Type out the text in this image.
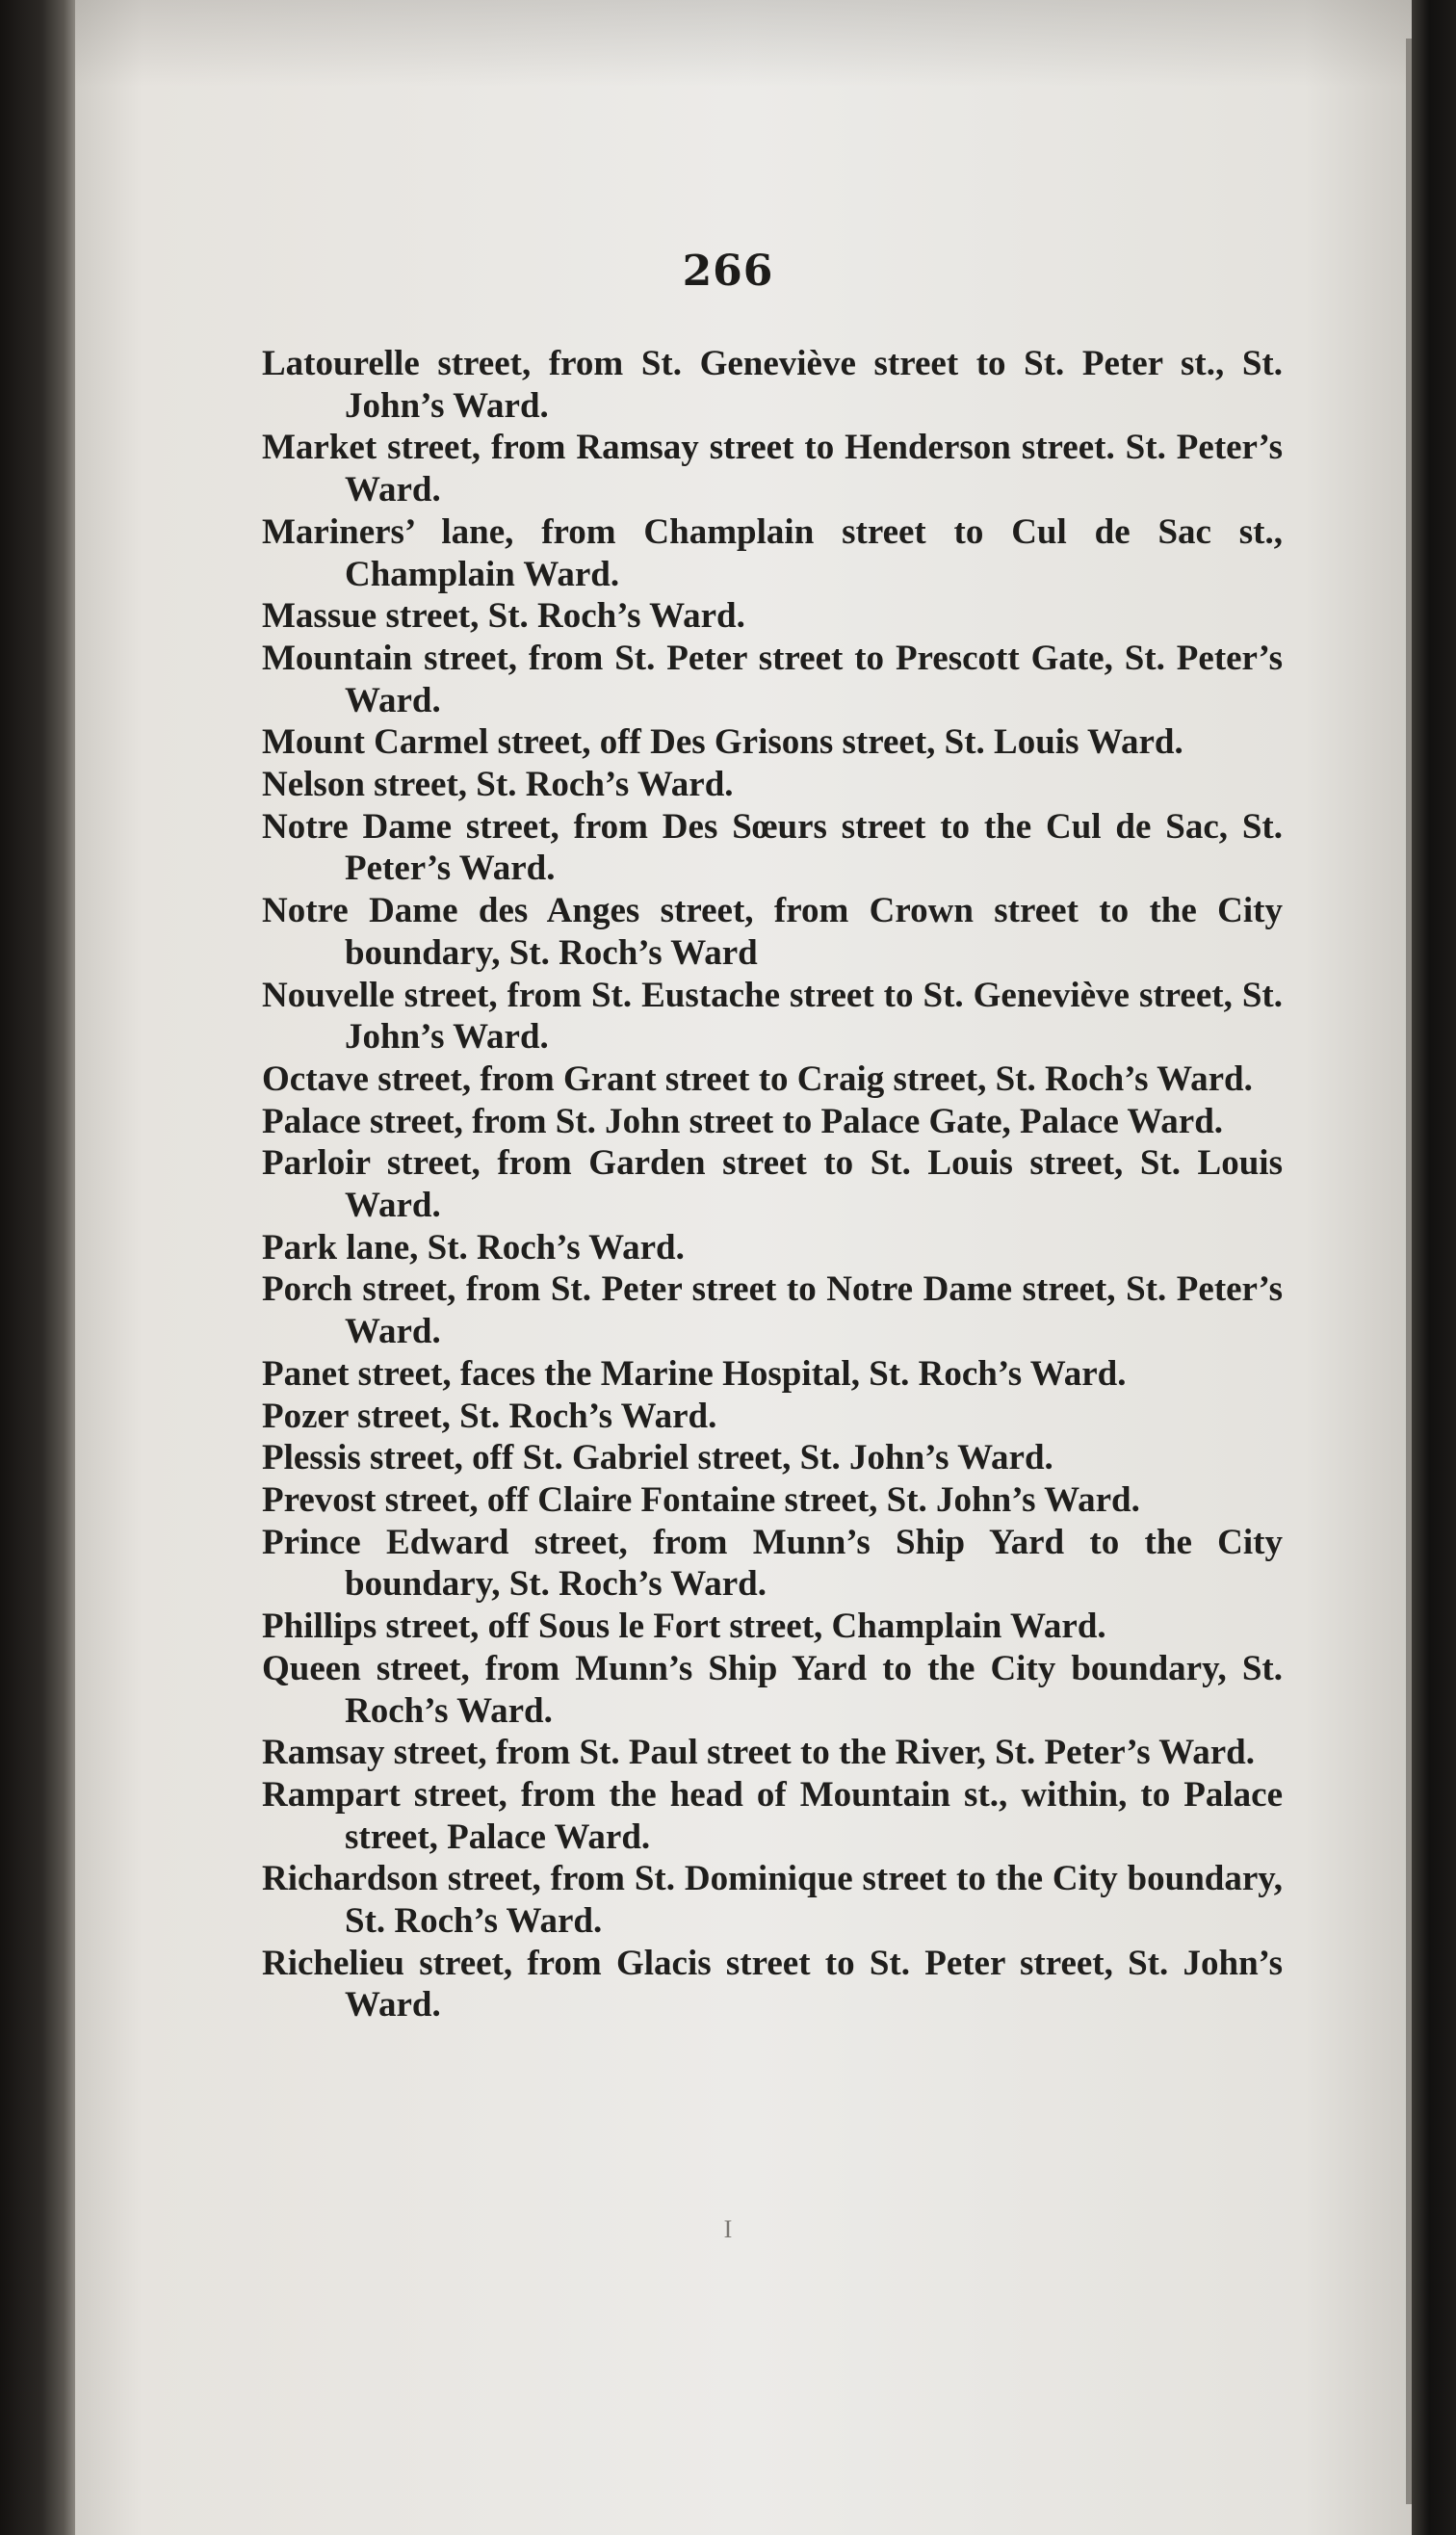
266

Latourelle street, from St. Geneviève street to St. Peter st., St. John’s Ward.

Market street, from Ramsay street to Henderson street. St. Peter’s Ward.

Mariners’ lane, from Champlain street to Cul de Sac st., Champlain Ward.

Massue street, St. Roch’s Ward.

Mountain street, from St. Peter street to Prescott Gate, St. Peter’s Ward.

Mount Carmel street, off Des Grisons street, St. Louis Ward.

Nelson street, St. Roch’s Ward.

Notre Dame street, from Des Sœurs street to the Cul de Sac, St. Peter’s Ward.

Notre Dame des Anges street, from Crown street to the City boundary, St. Roch’s Ward

Nouvelle street, from St. Eustache street to St. Geneviève street, St. John’s Ward.

Octave street, from Grant street to Craig street, St. Roch’s Ward.

Palace street, from St. John street to Palace Gate, Palace Ward.

Parloir street, from Garden street to St. Louis street, St. Louis Ward.

Park lane, St. Roch’s Ward.

Porch street, from St. Peter street to Notre Dame street, St. Peter’s Ward.

Panet street, faces the Marine Hospital, St. Roch’s Ward.

Pozer street, St. Roch’s Ward.

Plessis street, off St. Gabriel street, St. John’s Ward.

Prevost street, off Claire Fontaine street, St. John’s Ward.

Prince Edward street, from Munn’s Ship Yard to the City boundary, St. Roch’s Ward.

Phillips street, off Sous le Fort street, Champlain Ward.

Queen street, from Munn’s Ship Yard to the City boundary, St. Roch’s Ward.

Ramsay street, from St. Paul street to the River, St. Peter’s Ward.

Rampart street, from the head of Mountain st., within, to Palace street, Palace Ward.

Richardson street, from St. Dominique street to the City boundary, St. Roch’s Ward.

Richelieu street, from Glacis street to St. Peter street, St. John’s Ward.

I
